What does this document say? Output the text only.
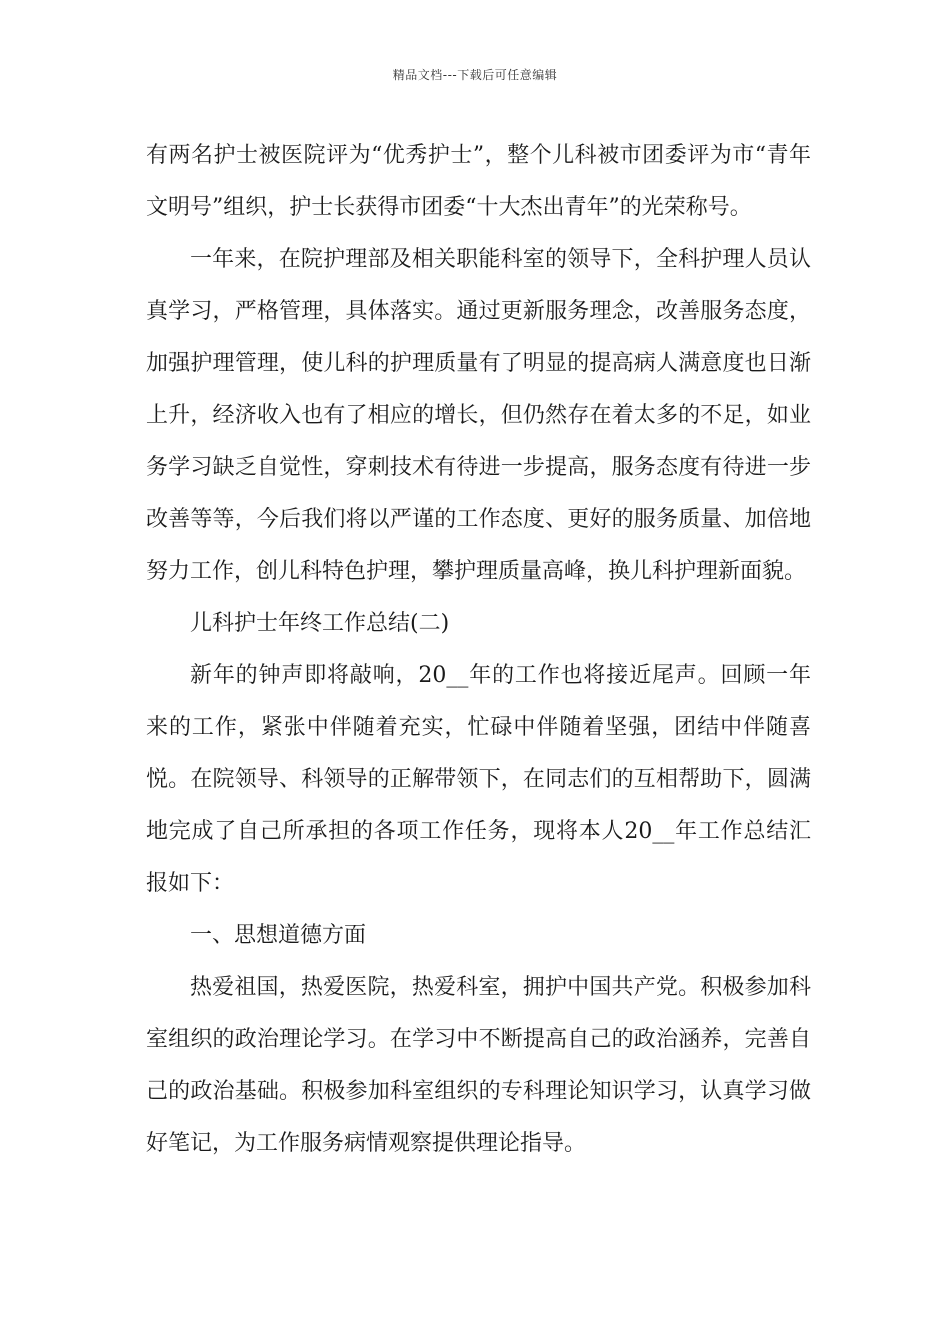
精品文档---下载后可任意编辑

有两名护士被医院评为“优秀护士”，整个儿科被市团委评为市“青年文明号”组织，护士长获得市团委“十大杰出青年”的光荣称号。

一年来，在院护理部及相关职能科室的领导下，全科护理人员认真学习，严格管理，具体落实。通过更新服务理念，改善服务态度，加强护理管理，使儿科的护理质量有了明显的提高病人满意度也日渐上升，经济收入也有了相应的增长，但仍然存在着太多的不足，如业务学习缺乏自觉性，穿刺技术有待进一步提高，服务态度有待进一步改善等等，今后我们将以严谨的工作态度、更好的服务质量、加倍地努力工作，创儿科特色护理，攀护理质量高峰，换儿科护理新面貌。

儿科护士年终工作总结(二)

新年的钟声即将敲响，20__年的工作也将接近尾声。回顾一年来的工作，紧张中伴随着充实，忙碌中伴随着坚强，团结中伴随喜悦。在院领导、科领导的正解带领下，在同志们的互相帮助下，圆满地完成了自己所承担的各项工作任务，现将本人20__年工作总结汇报如下：

一、思想道德方面

热爱祖国，热爱医院，热爱科室，拥护中国共产党。积极参加科室组织的政治理论学习。在学习中不断提高自己的政治涵养，完善自己的政治基础。积极参加科室组织的专科理论知识学习，认真学习做好笔记，为工作服务病情观察提供理论指导。
